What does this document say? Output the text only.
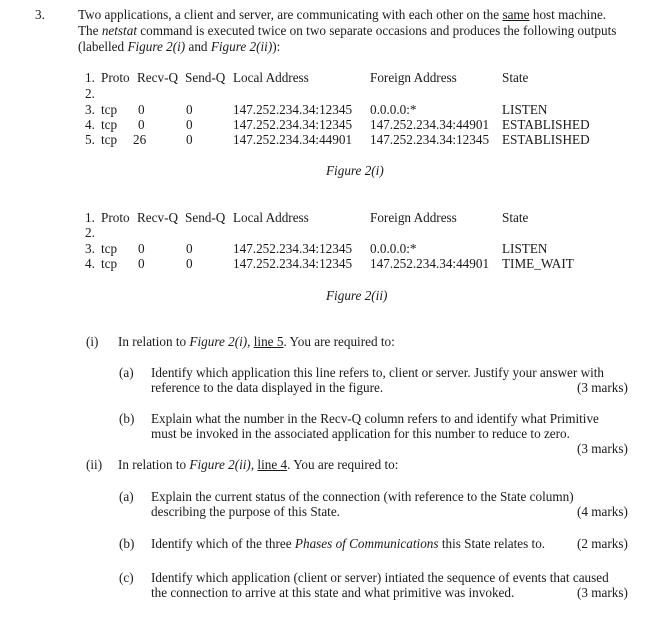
3.	Two applications, a client and server, are communicating with each other on the same host machine. The netstat command is executed twice on two separate occasions and produces the following outputs (labelled Figure 2(i) and Figure 2(ii)):
1. Proto Recv-Q Send-Q Local Address	Foreign Address	State
2.
3. tcp 0	0	147.252.234.34:12345 0.0.0.0:*	LISTEN
4. tcp 0	0	147.252.234.34:12345 147.252.234.34:44901 ESTABLISHED
5. tcp 26	0	147.252.234.34:44901 147.252.234.34:12345 ESTABLISHED
Figure 2(i)
1. Proto Recv-Q Send-Q Local Address	Foreign Address	State
2.
3. tcp 0	0	147.252.234.34:12345 0.0.0.0:*	LISTEN
4. tcp 0	0	147.252.234.34:12345 147.252.234.34:44901 TIME_WAIT
Figure 2(ii)
(i) In relation to Figure 2(i), line 5. You are required to:
(a) Identify which application this line refers to, client or server. Justify your answer with
reference to the data displayed in the figure.	(3 marks)
(b) Explain what the number in the Recv-Q column refers to and identify what Primitive
must be invoked in the associated application for this number to reduce to zero.
(3 marks)
(ii) In relation to Figure 2(ii), line 4. You are required to:
(a) Explain the current status of the connection (with reference to the State column)
describing the purpose of this State.	(4 marks)
(b) Identify which of the three Phases of Communications this State relates to. (2 marks)
(c) Identify which application (client or server) intiated the sequence of events that caused
the connection to arrive at this state and what primitive was invoked.	(3 marks)
